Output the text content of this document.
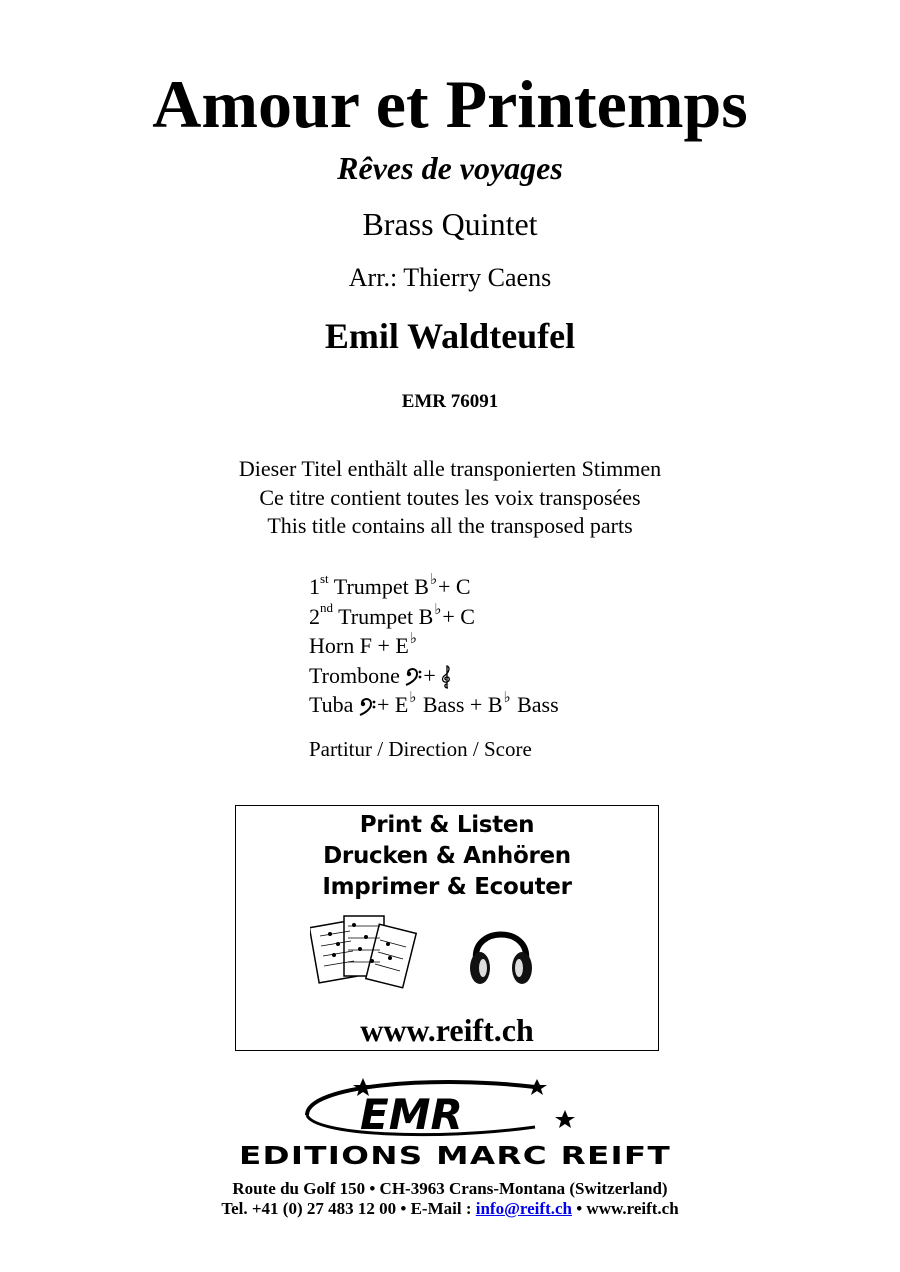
Amour et Printemps
Rêves de voyages
Brass Quintet
Arr.: Thierry Caens
Emil Waldteufel
EMR 76091
Dieser Titel enthält alle transponierten Stimmen
Ce titre contient toutes les voix transposées
This title contains all the transposed parts
1st Trumpet B♭+ C
2nd Trumpet B♭+ C
Horn F + E♭
Trombone +
Tuba + E♭ Bass + B♭ Bass
Partitur / Direction / Score
Print & Listen
Drucken & Anhören
Imprimer & Ecouter
www.reift.ch
EMR
EDITIONS MARC REIFT
Route du Golf 150 • CH-3963 Crans-Montana (Switzerland)
Tel. +41 (0) 27 483 12 00 • E-Mail : info@reift.ch • www.reift.ch
